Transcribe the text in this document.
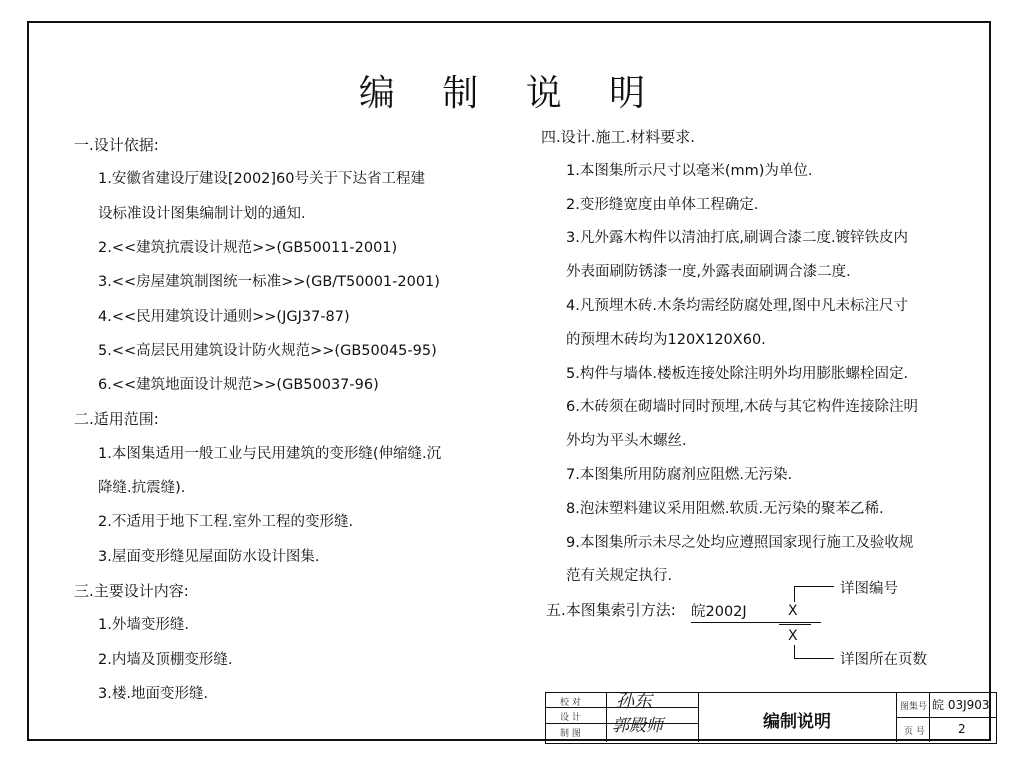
编 制 说 明
一.设计依据:
1.安徽省建设厅建设[2002]60号关于下达省工程建
设标准设计图集编制计划的通知.
2.<<建筑抗震设计规范>>(GB50011-2001)
3.<<房屋建筑制图统一标准>>(GB/T50001-2001)
4.<<民用建筑设计通则>>(JGJ37-87)
5.<<高层民用建筑设计防火规范>>(GB50045-95)
6.<<建筑地面设计规范>>(GB50037-96)
二.适用范围:
1.本图集适用一般工业与民用建筑的变形缝(伸缩缝.沉
降缝.抗震缝).
2.不适用于地下工程.室外工程的变形缝.
3.屋面变形缝见屋面防水设计图集.
三.主要设计内容:
1.外墙变形缝.
2.内墙及顶棚变形缝.
3.楼.地面变形缝.
四.设计.施工.材料要求.
1.本图集所示尺寸以毫米(mm)为单位.
2.变形缝宽度由单体工程确定.
3.凡外露木构件以清油打底,刷调合漆二度.镀锌铁皮内
外表面刷防锈漆一度,外露表面刷调合漆二度.
4.凡预埋木砖.木条均需经防腐处理,图中凡未标注尺寸
的预埋木砖均为120X120X60.
5.构件与墙体.楼板连接处除注明外均用膨胀螺栓固定.
6.木砖须在砌墙时同时预埋,木砖与其它构件连接除注明
外均为平头木螺丝.
7.本图集所用防腐剂应阻燃.无污染.
8.泡沫塑料建议采用阻燃.软质.无污染的聚苯乙稀.
9.本图集所示未尽之处均应遵照国家现行施工及验收规
范有关规定执行.
五.本图集索引方法: 皖2002J	X
X
详图编号
详图所在页数
校 对
设 计
制 图
孙东
郭殿师	编制说明
图集号 皖 03J903
页 号	2
